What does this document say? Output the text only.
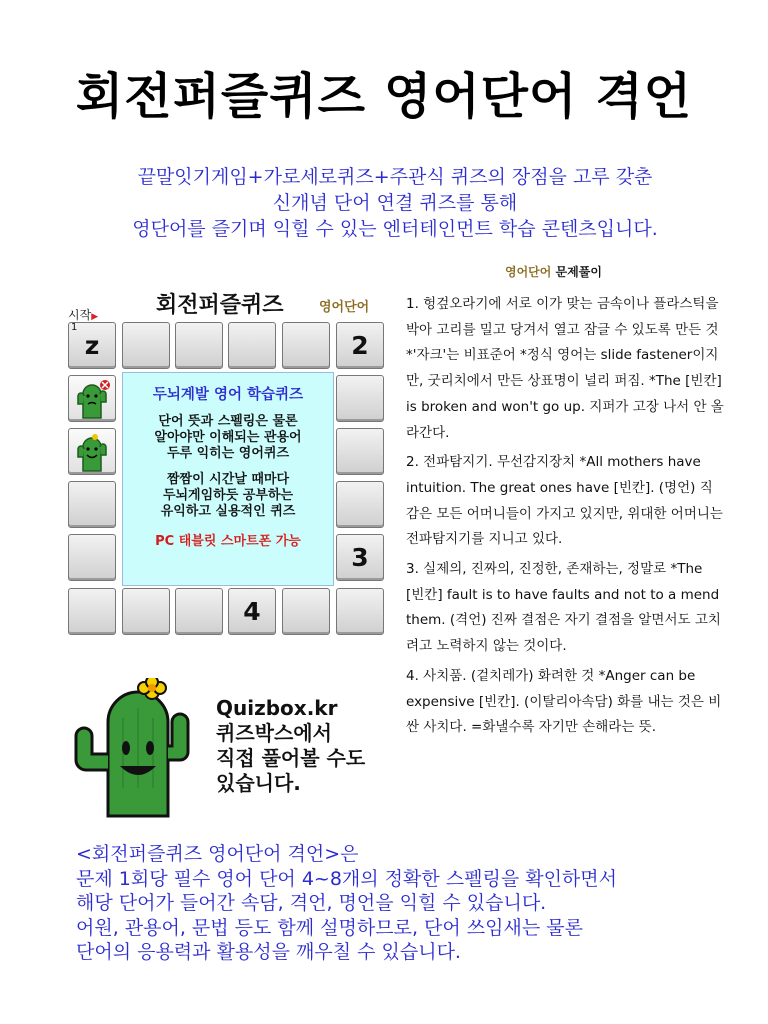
회전퍼즐퀴즈 영어단어 격언
끝말잇기게임+가로세로퀴즈+주관식 퀴즈의 장점을 고루 갖춘
신개념 단어 연결 퀴즈를 통해
영단어를 즐기며 익힐 수 있는 엔터테인먼트 학습 콘텐츠입니다.
회전퍼즐퀴즈	영어단어
시작▶
1
z	2
3
4
두뇌계발 영어 학습퀴즈
단어 뜻과 스펠링은 물론
알아야만 이해되는 관용어
두루 익히는 영어퀴즈
짬짬이 시간날 때마다
두뇌게임하듯 공부하는
유익하고 실용적인 퀴즈
PC 태블릿 스마트폰 가능
영어단어 문제풀이

1. 헝겊오라기에 서로 이가 맞는 금속이나 플라스틱을 박아 고리를 밀고 당겨서 열고 잠글 수 있도록 만든 것 *'자크'는 비표준어 *정식 영어는 slide fastener이지만, 굿리치에서 만든 상표명이 널리 퍼짐. *The [빈칸] is broken and won't go up. 지퍼가 고장 나서 안 올라간다.

2. 전파탐지기. 무선감지장치 *All mothers have intuition. The great ones have [빈칸]. (명언) 직감은 모든 어머니들이 가지고 있지만, 위대한 어머니는 전파탐지기를 지니고 있다.

3. 실제의, 진짜의, 진정한, 존재하는, 정말로 *The [빈칸] fault is to have faults and not to a mend them. (격언) 진짜 결점은 자기 결점을 알면서도 고치려고 노력하지 않는 것이다.

4. 사치품. (겉치레가) 화려한 것 *Anger can be expensive [빈칸]. (이탈리아속담) 화를 내는 것은 비싼 사치다. =화낼수록 자기만 손해라는 뜻.

Quizbox.kr
퀴즈박스에서
직접 풀어볼 수도
있습니다.
<회전퍼즐퀴즈 영어단어 격언>은
문제 1회당 필수 영어 단어 4~8개의 정확한 스펠링을 확인하면서
해당 단어가 들어간 속담, 격언, 명언을 익힐 수 있습니다.
어원, 관용어, 문법 등도 함께 설명하므로, 단어 쓰임새는 물론
단어의 응용력과 활용성을 깨우칠 수 있습니다.
